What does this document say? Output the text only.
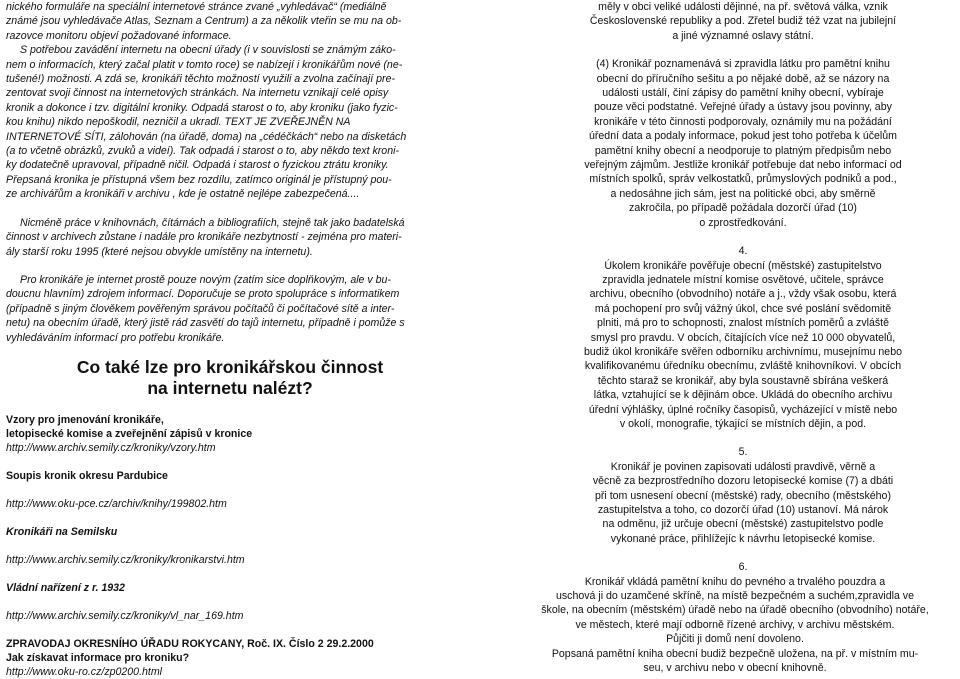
nického formuláře na speciální internetové stránce zvané „vyhledávač“ (mediálně
známé jsou vyhledávače Atlas, Seznam a Centrum) a za několik vteřin se mu na ob-
razovce monitoru objeví požadované informace.
S potřebou zavádění internetu na obecní úřady (i v souvislosti se známým záko-
nem o informacích, který začal platit v tomto roce) se nabízejí i kronikářům nové (ne-
tušené!) možnosti. A zdá se, kronikáři těchto možností využili a zvolna začínají pre-
zentovat svoji činnost na internetových stránkách. Na internetu vznikají celé opisy
kronik a dokonce i tzv. digitální kroniky. Odpadá starost o to, aby kroniku (jako fyzic-
kou knihu) nikdo nepoškodil, nezničil a ukradl. TEXT JE ZVEŘEJNĚN NA
INTERNETOVÉ SÍTI, zálohován (na úřadě, doma) na „cédéčkách“ nebo na disketách
(a to včetně obrázků, zvuků a videí). Tak odpadá i starost o to, aby někdo text kroni-
ky dodatečně upravoval, případně ničil. Odpadá i starost o fyzickou ztrátu kroniky.
Přepsaná kronika je přístupná všem bez rozdílu, zatímco originál je přístupný pou-
ze archivářům a kronikáři v archivu , kde je ostatně nejlépe zabezpečená....
Nicméně práce v knihovnách, čítárnách a bibliografiích, stejně tak jako badatelská
činnost v archivech zůstane i nadále pro kronikáře nezbytností - zejména pro materi-
ály starší roku 1995 (které nejsou obvykle umístěny na internetu).
Pro kronikáře je internet prostě pouze novým (zatím sice doplňkovým, ale v bu-
doucnu hlavním) zdrojem informací. Doporučuje se proto spolupráce s informatikem
(případně s jiným člověkem pověřeným správou počítačů či počítačové sítě a inter-
netu) na obecním úřadě, který jistě rád zasvětí do tajů internetu, případně i pomůže s
vyhledáváním informací pro potřebu kronikáře.
Co také lze pro kronikářskou činnost
na internetu nalézt?
Vzory pro jmenování kronikáře,
letopisecké komise a zveřejnění zápisů v kronice
http://www.archiv.semily.cz/kroniky/vzory.htm
Soupis kronik okresu Pardubice
http://www.oku-pce.cz/archiv/knihy/199802.htm
Kronikáři na Semilsku
http://www.archiv.semily.cz/kroniky/kronikarstvi.htm
Vládní nařízení z r. 1932
http://www.archiv.semily.cz/kroniky/vl_nar_169.htm
ZPRAVODAJ OKRESNÍHO ÚŘADU ROKYCANY, Roč. IX. Číslo 2 29.2.2000
Jak získavat informace pro kroniku?
http://www.oku-ro.cz/zp0200.html
měly v obci veliké události dějinné, na př. světová válka, vznik
Československé republiky a pod. Zřetel budiž též vzat na jubilejní
a jiné významné oslavy státní.
(4) Kronikář poznamenává si zpravidla látku pro pamětní knihu
obecní do příručního sešitu a po nějaké době, až se názory na
události ustálí, činí zápisy do pamětní knihy obecní, vybíraje
pouze věci podstatné. Veřejné úřady a ústavy jsou povinny, aby
kronikáře v této činnosti podporovaly, oznámily mu na požádání
úřední data a podaly informace, pokud jest toho potřeba k účelům
pamětní knihy obecní a neodporuje to platným předpisům nebo
veřejným zájmům. Jestliže kronikář potřebuje dat nebo informací od
místních spolků, správ velkostatků, průmyslových podniků a pod.,
a nedosáhne jich sám, jest na politické obci, aby směrně
zakročila, po případě požádala dozorčí úřad (10)
o zprostředkování.
4.
Úkolem kronikáře pověřuje obecní (městské) zastupitelstvo
zpravidla jednatele místní komise osvětové, učitele, správce
archivu, obecního (obvodního) notáře a j., vždy však osobu, která
má pochopení pro svůj vážný úkol, chce své poslání svědomitě
plniti, má pro to schopnosti, znalost místních poměrů a zvláště
smysl pro pravdu. V obcích, čítajících více než 10 000 obyvatelů,
budiž úkol kronikáře svěřen odborníku archivnímu, musejnímu nebo
kvalifikovanému úředníku obecnímu, zvláště knihovníkovi. V obcích
těchto staraž se kronikář, aby byla soustavně sbírána veškerá
látka, vztahující se k dějinám obce. Ukládá do obecního archivu
úřední výhlášky, úplné ročníky časopisů, vycházející v místě nebo
v okolí, monografie, týkající se místních dějin, a pod.
5.
Kronikář je povinen zapisovati události pravdivě, věrně a
věcně za bezprostředního dozoru letopisecké komise (7) a dbáti
při tom usnesení obecní (městské) rady, obecního (městského)
zastupitelstva a toho, co dozorčí úřad (10) ustanoví. Má nárok
na odměnu, již určuje obecní (městské) zastupitelstvo podle
vykonané práce, přihlížejíc k návrhu letopisecké komise.
6.
Kronikář vkládá pamětní knihu do pevného a trvalého pouzdra a
uschová ji do uzamčené skříně, na místě bezpečném a suchém,zpravidla ve
škole, na obecním (městském) úřadě nebo na úřadě obecního (obvodního) notáře,
ve městech, které mají odborně řízené archivy, v archivu městském.
Půjčiti ji domů není dovoleno.
Popsaná pamětní kniha obecní budiž bezpečně uložena, na př. v místním mu-
seu, v archivu nebo v obecní knihovně.
